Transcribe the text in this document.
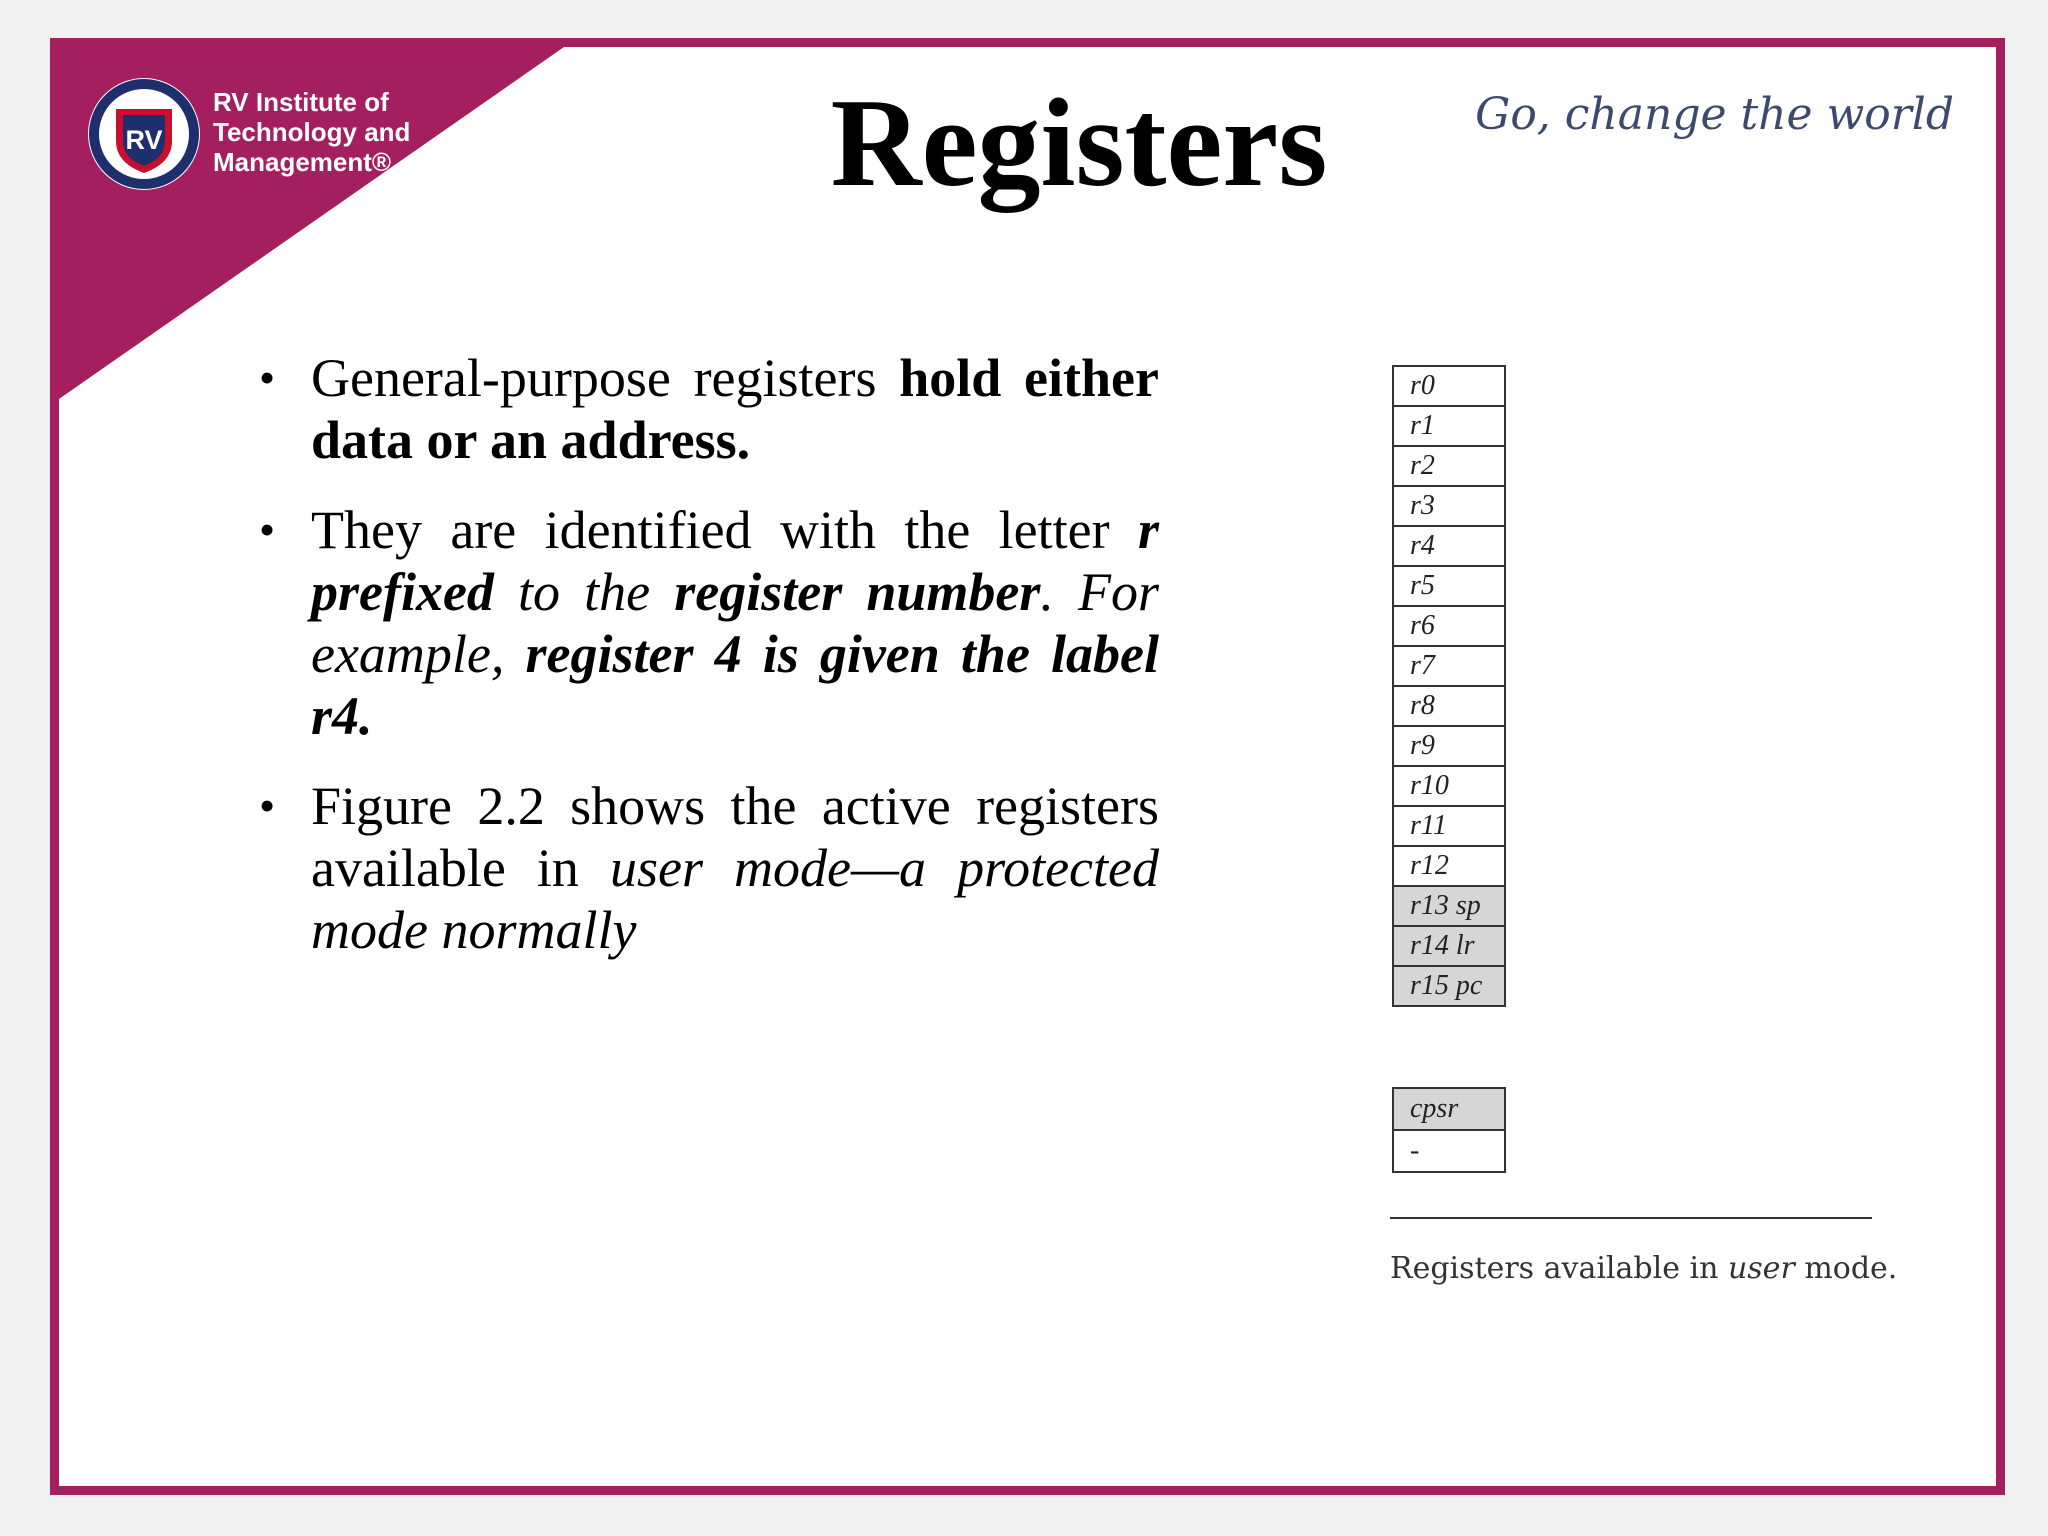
RV
RV Institute of
Technology and
Management®	Registers	Go, change the world
• General-purpose registers hold either data or an address.
• They are identified with the letter r prefixed to the register number. For example, register 4 is given the label r4.
• Figure 2.2 shows the active registers available in user mode—a protected mode normally
r0
r1
r2
r3
r4
r5
r6
r7
r8
r9
r10
r11
r12
r13 sp
r14 lr
r15 pc
cpsr
-
Registers available in user mode.
